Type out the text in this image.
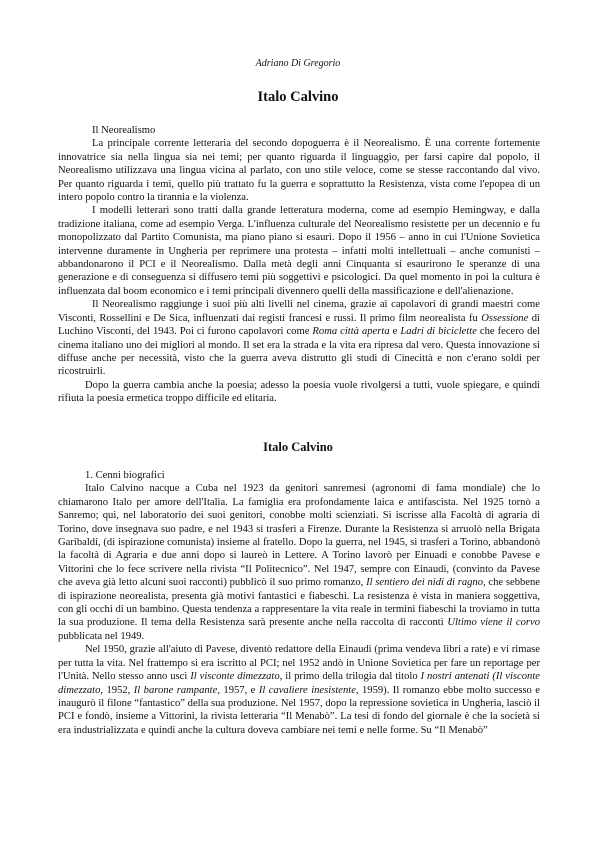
Adriano Di Gregorio
Italo Calvino

Il Neorealismo

La principale corrente letteraria del secondo dopoguerra è il Neorealismo. È una corrente fortemente innovatrice sia nella lingua sia nei temi; per quanto riguarda il linguaggio, per farsi capire dal popolo, il Neorealismo utilizzava una lingua vicina al parlato, con uno stile veloce, come se stesse raccontando dal vivo. Per quanto riguarda i temi, quello più trattato fu la guerra e soprattutto la Resistenza, vista come l'epopea di un intero popolo contro la tirannia e la violenza.

I modelli letterari sono tratti dalla grande letteratura moderna, come ad esempio Hemingway, e dalla tradizione italiana, come ad esempio Verga. L'influenza culturale del Neorealismo resistette per un decennio e fu monopolizzato dal Partito Comunista, ma piano piano si esaurì. Dopo il 1956 – anno in cui l'Unione Sovietica intervenne duramente in Ungheria per reprimere una protesta – infatti molti intellettuali – anche comunisti – abbandonarono il PCI e il Neorealismo. Dalla metà degli anni Cinquanta si esaurirono le speranze di una generazione e di conseguenza si diffusero temi più soggettivi e psicologici. Da quel momento in poi la cultura è influenzata dal boom economico e i temi principali divennero quelli della massificazione e dell'alienazione.

Il Neorealismo raggiunge i suoi più alti livelli nel cinema, grazie ai capolavori di grandi maestri come Visconti, Rossellini e De Sica, influenzati dai registi francesi e russi. Il primo film neorealista fu Ossessione di Luchino Visconti, del 1943. Poi ci furono capolavori come Roma città aperta e Ladri di biciclette che fecero del cinema italiano uno dei migliori al mondo. Il set era la strada e la vita era ripresa dal vero. Questa innovazione si diffuse anche per necessità, visto che la guerra aveva distrutto gli studi di Cinecittà e non c'erano soldi per ricostruirli.

Dopo la guerra cambia anche la poesia; adesso la poesia vuole rivolgersi a tutti, vuole spiegare, e quindi rifiuta la poesia ermetica troppo difficile ed elitaria.

Italo Calvino

1. Cenni biografici

Italo Calvino nacque a Cuba nel 1923 da genitori sanremesi (agronomi di fama mondiale) che lo chiamarono Italo per amore dell'Italia. La famiglia era profondamente laica e antifascista. Nel 1925 tornò a Sanremo; qui, nel laboratorio dei suoi genitori, conobbe molti scienziati. Si iscrisse alla Facoltà di agraria di Torino, dove insegnava suo padre, e nel 1943 si trasferì a Firenze. Durante la Resistenza si arruolò nella Brigata Garibaldi, (di ispirazione comunista) insieme al fratello. Dopo la guerra, nel 1945, si trasferì a Torino, abbandonò la facoltà di Agraria e due anni dopo si laureò in Lettere. A Torino lavorò per Einuadi e conobbe Pavese e Vittorini che lo fece scrivere nella rivista “Il Politecnico”. Nel 1947, sempre con Einaudi, (convinto da Pavese che aveva già letto alcuni suoi racconti) pubblicò il suo primo romanzo, Il sentiero dei nidi di ragno, che sebbene di ispirazione neorealista, presenta già motivi fantastici e fiabeschi. La resistenza è vista in maniera soggettiva, con gli occhi di un bambino. Questa tendenza a rappresentare la vita reale in termini fiabeschi la troviamo in tutta la sua produzione. Il tema della Resistenza sarà presente anche nella raccolta di racconti Ultimo viene il corvo pubblicata nel 1949.

Nel 1950, grazie all'aiuto di Pavese, diventò redattore della Einaudi (prima vendeva libri a rate) e vi rimase per tutta la vita. Nel frattempo si era iscritto al PCI; nel 1952 andò in Unione Sovietica per fare un reportage per l'Unità. Nello stesso anno uscì Il visconte dimezzato, il primo della trilogia dal titolo I nostri antenati (Il visconte dimezzato, 1952, Il barone rampante, 1957, e Il cavaliere inesistente, 1959). Il romanzo ebbe molto successo e inaugurò il filone “fantastico” della sua produzione. Nel 1957, dopo la repressione sovietica in Ungheria, lasciò il PCI e fondò, insieme a Vittorini, la rivista letteraria “Il Menabò”. La tesi di fondo del giornale è che la società si era industrializzata e quindi anche la cultura doveva cambiare nei temi e nelle forme. Su “Il Menabò”
